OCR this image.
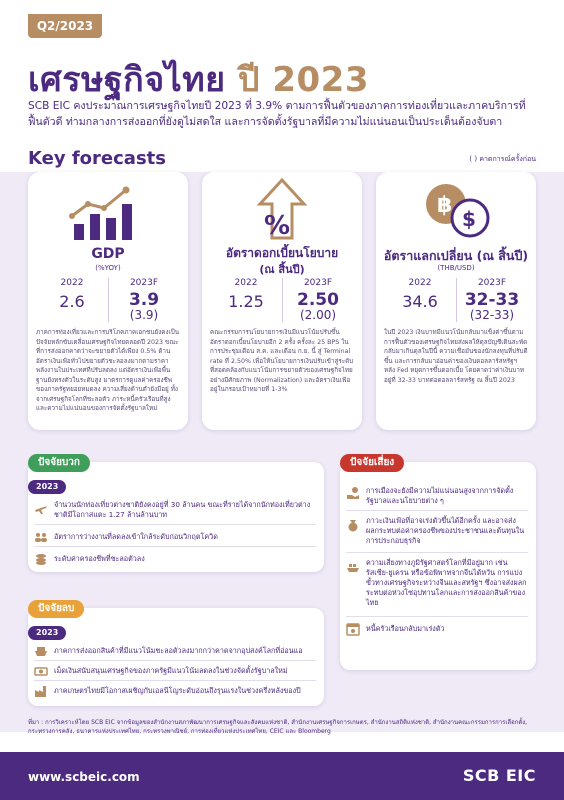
Q2/2023
เศรษฐกิจไทย ปี 2023
SCB EIC คงประมาณการเศรษฐกิจไทยปี 2023 ที่ 3.9% ตามการฟื้นตัวของภาคการท่องเที่ยวและภาคบริการที่ฟื้นตัวดี ท่ามกลางการส่งออกที่ยังดูไม่สดใส และการจัดตั้งรัฐบาลที่มีความไม่แน่นอนเป็นประเด็นต้องจับตา
Key forecasts	( ) คาดการณ์ครั้งก่อน
GDP
(%YOY)
2022	2023F
2.6	3.9
(3.9)
ภาคการท่องเที่ยวและการบริโภคภาคเอกชนยังคงเป็นปัจจัยหลักขับเคลื่อนเศรษฐกิจไทยตลอดปี 2023 ขณะที่การส่งออกคาดว่าจะขยายตัวได้เพียง 0.5% ด้านอัตราเงินเฟ้อทั่วไปขยายตัวชะลอลงมากตามราคาพลังงานในประเทศที่ปรับลดลง แต่อัตราเงินเฟ้อพื้นฐานยังทรงตัวในระดับสูง มาตรการดูแลค่าครองชีพของภาครัฐทยอยหมดลง ความเสี่ยงด้านต่ำยังมีอยู่ ทั้งจากเศรษฐกิจโลกที่ชะลอตัว ภาระหนี้ครัวเรือนที่สูง และความไม่แน่นอนของการจัดตั้งรัฐบาลใหม่
%
อัตราดอกเบี้ยนโยบาย
(ณ สิ้นปี)
2022	2023F
1.25	2.50
(2.00)
คณะกรรมการนโยบายการเงินมีแนวโน้มปรับขึ้นอัตราดอกเบี้ยนโยบายอีก 2 ครั้ง ครั้งละ 25 BPS ในการประชุมเดือน ส.ค. และเดือน ก.ย. นี้ สู่ Terminal rate ที่ 2.50% เพื่อให้นโยบายการเงินปรับเข้าสู่ระดับที่สอดคล้องกับแนวโน้มการขยายตัวของเศรษฐกิจไทยอย่างมีศักยภาพ (Normalization) และอัตราเงินเฟ้ออยู่ในกรอบเป้าหมายที่ 1-3%
฿
$
อัตราแลกเปลี่ยน (ณ สิ้นปี)
(THB/USD)
2022	2023F
34.6	32-33
(32-33)
ในปี 2023 เงินบาทมีแนวโน้มกลับมาแข็งค่าขึ้นตามการฟื้นตัวของเศรษฐกิจไทยส่งผลให้ดุลบัญชีเดินสะพัดกลับมาเกินดุลในปีนี้ ความเชื่อมั่นของนักลงทุนที่ปรับดีขึ้น และการกลับมาอ่อนค่าของเงินดอลลาร์สหรัฐฯหลัง Fed หยุดการขึ้นดอกเบี้ย โดยคาดว่าค่าเงินบาทอยู่ที่ 32-33 บาทต่อดอลลาร์สหรัฐ ณ สิ้นปี 2023
ปัจจัยบวก
2023
จำนวนนักท่องเที่ยวต่างชาติยังคงอยู่ที่ 30 ล้านคน ขณะที่รายได้จากนักท่องเที่ยวต่างชาติมีโอกาสแตะ 1.27 ล้านล้านบาท
อัตราการว่างงานที่ลดลงเข้าใกล้ระดับก่อนวิกฤตโควิด
ระดับค่าครองชีพที่ชะลอตัวลง
ปัจจัยลบ
2023
ภาคการส่งออกสินค้าที่มีแนวโน้มชะลอตัวลงมากกว่าคาดจากอุปสงค์โลกที่อ่อนแอ
เม็ดเงินสนับสนุนเศรษฐกิจของภาครัฐมีแนวโน้มลดลงในช่วงจัดตั้งรัฐบาลใหม่
ภาคเกษตรไทยมีโอกาสเผชิญกับเอลนีโญระดับอ่อนถึงรุนแรงในช่วงครึ่งหลังของปี
ปัจจัยเสี่ยง
การเมืองจะยังมีความไม่แน่นอนสูงจากการจัดตั้งรัฐบาลและนโยบายต่าง ๆ
ภาวะเงินเฟ้อที่อาจเร่งตัวขึ้นได้อีกครั้ง และอาจส่งผลกระทบต่อค่าครองชีพของประชาชนและต้นทุนในการประกอบธุรกิจ
ความเสี่ยงทางภูมิรัฐศาสตร์โลกที่มีอยู่มาก เช่น รัสเซีย-ยูเครน หรือข้อพิพาทจากจีนไต้หวัน การแบ่งขั้วทางเศรษฐกิจระหว่างจีนและสหรัฐฯ ซึ่งอาจส่งผลกระทบต่อห่วงโซ่อุปทานโลกและการส่งออกสินค้าของไทย
หนี้ครัวเรือนกลับมาเร่งตัว
ที่มา : การวิเคราะห์โดย SCB EIC จากข้อมูลของสำนักงานสภาพัฒนาการเศรษฐกิจและสังคมแห่งชาติ, สำนักงานเศรษฐกิจการเกษตร, สำนักงานสถิติแห่งชาติ, สำนักงานคณะกรรมการการเลือกตั้ง, กระทรวงการคลัง, ธนาคารแห่งประเทศไทย, กระทรวงพาณิชย์, การท่องเที่ยวแห่งประเทศไทย, CEIC และ Bloomberg
www.scbeic.com	SCB EIC
